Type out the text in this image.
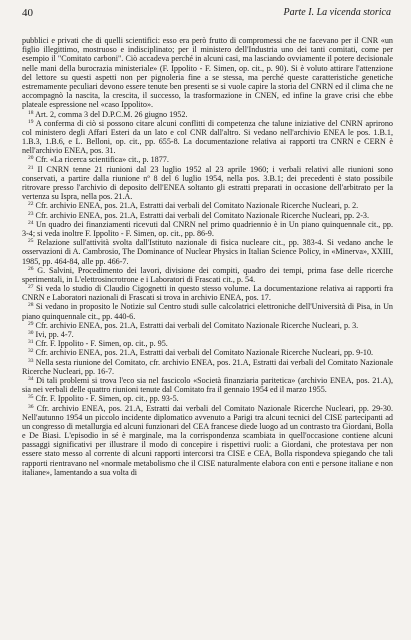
40	Parte I. La vicenda storica

pubblici e privati che di quelli scientifici: esso era però frutto di compromessi che ne facevano per il CNR «un figlio illegittimo, mostruoso e indisciplinato; per il ministero dell'Industria uno dei tanti comitati, come per esempio il "Comitato carboni". Ciò accadeva perché in alcuni casi, ma lasciando ovviamente il potere decisionale nelle mani della burocrazia ministeriale» (F. Ippolito - F. Simen, op. cit., p. 90). Si è voluto attirare l'attenzione del lettore su questi aspetti non per pignoleria fine a se stessa, ma perché queste caratteristiche genetiche estremamente peculiari devono essere tenute ben presenti se si vuole capire la storia del CNRN ed il clima che ne accompagnò la nascita, la crescita, il successo, la trasformazione in CNEN, ed infine la grave crisi che ebbe plateale espressione nel «caso Ippolito».

$^{18}$ Art. 2, comma 3 del D.P.C.M. 26 giugno 1952.

$^{19}$ A conferma di ciò si possono citare alcuni conflitti di competenza che talune iniziative del CNRN aprirono col ministero degli Affari Esteri da un lato e col CNR dall'altro. Si vedano nell'archivio ENEA le pos. 1.B.1, 1.B.3, 1.B.6, e L. Belloni, op. cit., pp. 655-8. La documentazione relativa ai rapporti tra CNRN e CERN è nell'archivio ENEA, pos. 31.

$^{20}$ Cfr. «La ricerca scientifica» cit., p. 1877.

$^{21}$ Il CNRN tenne 21 riunioni dal 23 luglio 1952 al 23 aprile 1960; i verbali relativi alle riunioni sono conservati, a partire dalla riunione nº 8 del 6 luglio 1954, nella pos. 3.B.1; dei precedenti è stato possibile ritrovare presso l'archivio di deposito dell'ENEA soltanto gli estratti preparati in occasione dell'arbitrato per la vertenza su Ispra, nella pos. 21.A.

$^{22}$ Cfr. archivio ENEA, pos. 21.A, Estratti dai verbali del Comitato Nazionale Ricerche Nucleari, p. 2.

$^{23}$ Cfr. archivio ENEA, pos. 21.A, Estratti dai verbali del Comitato Nazionale Ricerche Nucleari, pp. 2-3.

$^{24}$ Un quadro dei finanziamenti ricevuti dal CNRN nel primo quadriennio è in Un piano quinquennale cit., pp. 3-4; si veda inoltre F. Ippolito - F. Simen, op. cit., pp. 86-9.

$^{25}$ Relazione sull'attività svolta dall'Istituto nazionale di fisica nucleare cit., pp. 383-4. Si vedano anche le osservazioni di A. Cambrosio, The Dominance of Nuclear Physics in Italian Science Policy, in «Minerva», XXIII, 1985, pp. 464-84, alle pp. 466-7.

$^{26}$ G. Salvini, Procedimento dei lavori, divisione dei compiti, quadro dei tempi, prima fase delle ricerche sperimentali, in L'elettrosincrotrone e i Laboratori di Frascati cit., p. 54.

$^{27}$ Si veda lo studio di Claudio Cigognetti in questo stesso volume. La documentazione relativa ai rapporti fra CNRN e Laboratori nazionali di Frascati si trova in archivio ENEA, pos. 17.

$^{28}$ Si vedano in proposito le Notizie sul Centro studi sulle calcolatrici elettroniche dell'Università di Pisa, in Un piano quinquennale cit., pp. 440-6.

$^{29}$ Cfr. archivio ENEA, pos. 21.A, Estratti dai verbali del Comitato Nazionale Ricerche Nucleari, p. 3.

$^{30}$ Ivi, pp. 4-7.

$^{31}$ Cfr. F. Ippolito - F. Simen, op. cit., p. 95.

$^{32}$ Cfr. archivio ENEA, pos. 21.A, Estratti dai verbali del Comitato Nazionale Ricerche Nucleari, pp. 9-10.

$^{33}$ Nella sesta riunione del Comitato, cfr. archivio ENEA, pos. 21.A, Estratti dai verbali del Comitato Nazionale Ricerche Nucleari, pp. 16-7.

$^{34}$ Di tali problemi si trova l'eco sia nel fascicolo «Società finanziaria paritetica» (archivio ENEA, pos. 21.A), sia nei verbali delle quattro riunioni tenute dal Comitato fra il gennaio 1954 ed il marzo 1955.

$^{35}$ Cfr. F. Ippolito - F. Simen, op. cit., pp. 93-5.

$^{36}$ Cfr. archivio ENEA, pos. 21.A, Estratti dai verbali del Comitato Nazionale Ricerche Nucleari, pp. 29-30. Nell'autunno 1954 un piccolo incidente diplomatico avvenuto a Parigi tra alcuni tecnici del CISE partecipanti ad un congresso di metallurgia ed alcuni funzionari del CEA francese diede luogo ad un contrasto tra Giordani, Bolla e De Biasi. L'episodio in sé è marginale, ma la corrispondenza scambiata in quell'occasione contiene alcuni passaggi significativi per illustrare il modo di concepire i rispettivi ruoli: a Giordani, che protestava per non essere stato messo al corrente di alcuni rapporti intercorsi tra CISE e CEA, Bolla rispondeva spiegando che tali rapporti rientravano nel «normale metabolismo che il CISE naturalmente elabora con enti e persone italiane e non italiane», lamentando a sua volta di
